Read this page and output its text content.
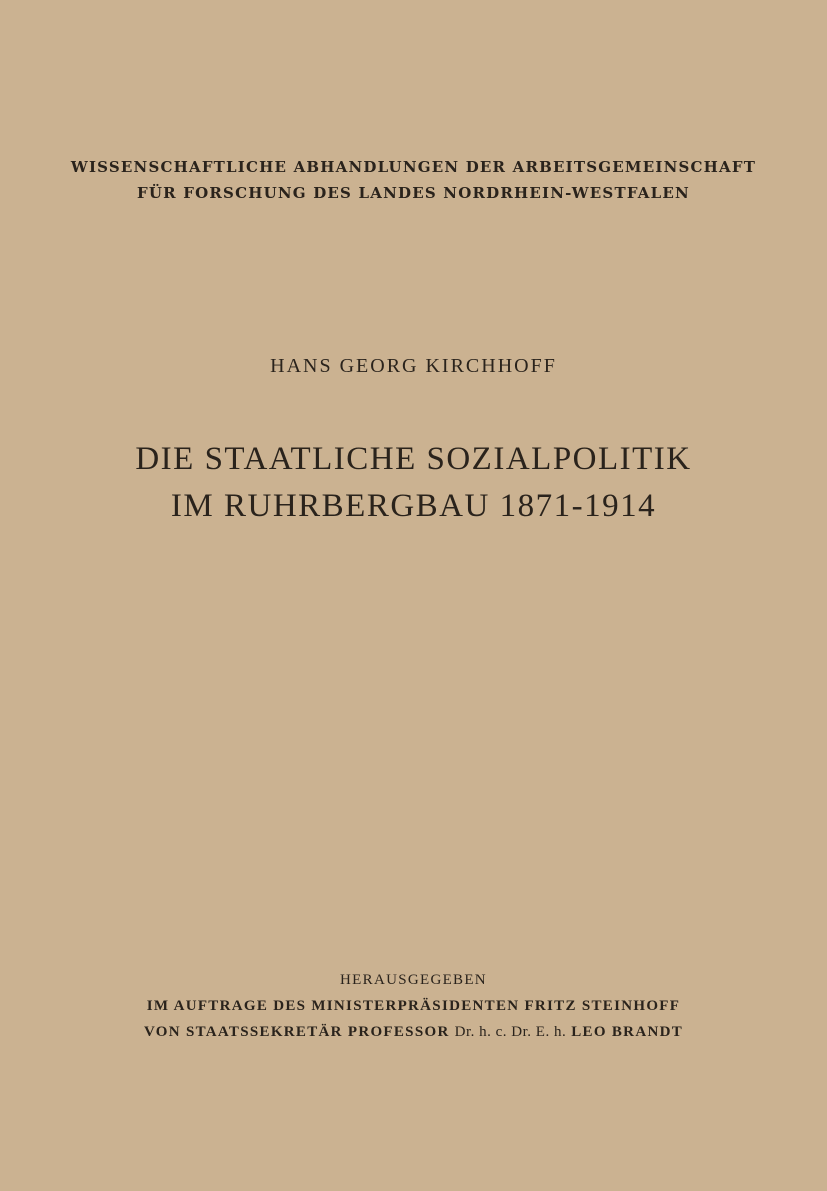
WISSENSCHAFTLICHE ABHANDLUNGEN DER ARBEITSGEMEINSCHAFT
FÜR FORSCHUNG DES LANDES NORDRHEIN-WESTFALEN
HANS GEORG KIRCHHOFF
DIE STAATLICHE SOZIALPOLITIK
IM RUHRBERGBAU 1871-1914
HERAUSGEGEBEN
IM AUFTRAGE DES MINISTERPRÄSIDENTEN FRITZ STEINHOFF
VON STAATSSEKRETÄR PROFESSOR Dr. h. c. Dr. E. h. LEO BRANDT
